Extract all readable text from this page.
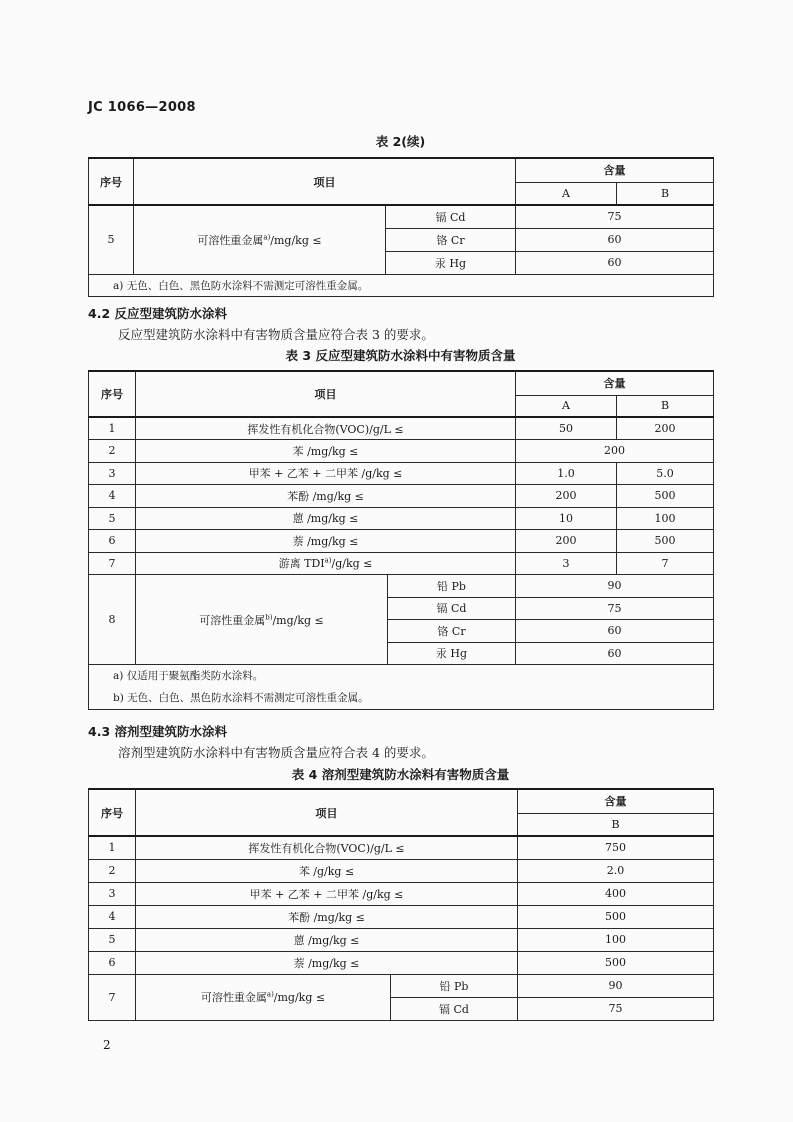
JC 1066—2008
表 2(续)
序号	项目		含量	
			A	B
5	可溶性重金属$^{a)}$/mg/kg ≤	镉 Cd	75	
		铬 Cr	60	
		汞 Hg	60	
a) 无色、白色、黑色防水涂料不需测定可溶性重金属。				
4.2 反应型建筑防水涂料
反应型建筑防水涂料中有害物质含量应符合表 3 的要求。
表 3 反应型建筑防水涂料中有害物质含量
序号	项目		含量	
			A	B
1	挥发性有机化合物(VOC)/g/L ≤		50	200
2	苯 /mg/kg ≤		200	
3	甲苯 + 乙苯 + 二甲苯 /g/kg ≤		1.0	5.0
4	苯酚 /mg/kg ≤		200	500
5	蒽 /mg/kg ≤		10	100
6	萘 /mg/kg ≤		200	500
7	游离 $TDI^{a)}/g/kg$ ≤		3	7
8	可溶性重金属$^{b)}$/mg/kg ≤	铅 Pb	90	
		镉 Cd	75	
		铬 Cr	60	
		汞 Hg	60	

a) 仅适用于聚氨酯类防水涂料。
b) 无色、白色、黑色防水涂料不需测定可溶性重金属。				
4.3 溶剂型建筑防水涂料
溶剂型建筑防水涂料中有害物质含量应符合表 4 的要求。
表 4 溶剂型建筑防水涂料有害物质含量
序号	项目		含量
			B
1	挥发性有机化合物(VOC)/g/L ≤		750
2	苯 /g/kg ≤		2.0
3	甲苯 + 乙苯 + 二甲苯 /g/kg ≤		400
4	苯酚 /mg/kg ≤		500
5	蒽 /mg/kg ≤		100
6	萘 /mg/kg ≤		500
7	可溶性重金属$^{a)}$/mg/kg ≤	铅 Pb	90
		镉 Cd	75
2
